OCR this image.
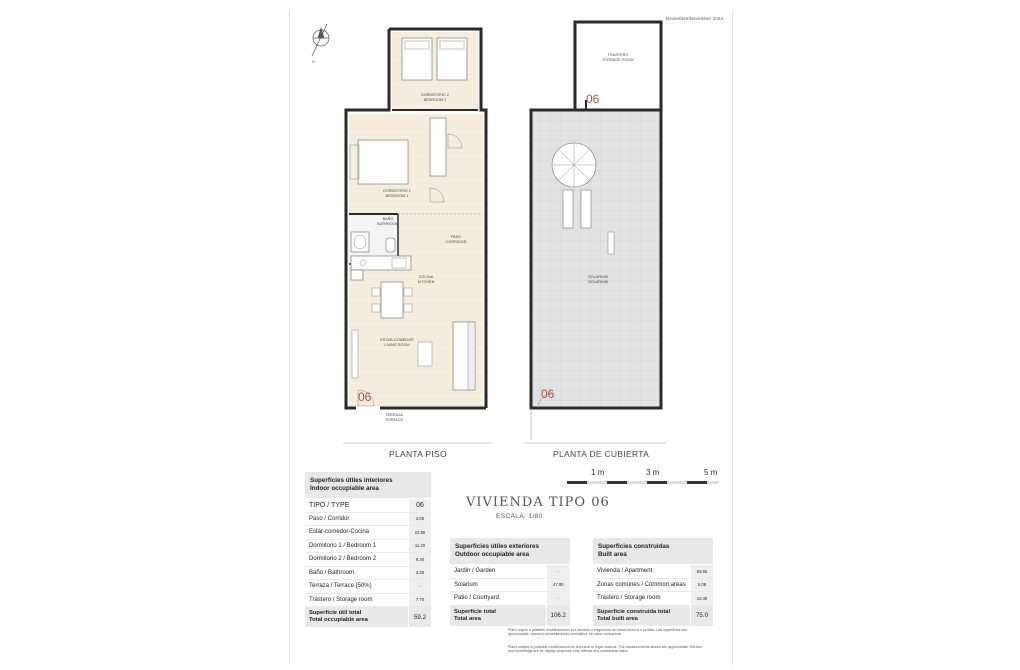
Noviembre/November 2024
PLANTA PISO	PLANTA DE CUBIERTA
N
DORMITORIO 2
BEDROOM 2
DORMITORIO 1
BEDROOM 1
BAÑO
BATHROOM
PASO
CORRIDOR
COCINA
KITCHEN
ESTAR-COMEDOR
LIVING ROOM
TERRAZA
TERRACE
TRASTERO
STORAGE ROOM
SOLARIUM
SOLARIUM
06
06
06
1 m	3 m	5 m
VIVIENDA TIPO 06
ESCALA: 1/80
Superficies útiles interiores
Indoor occupiable area	

TIPO / TYPE	06
Paso / Corridor	4.05
Estar-comedor-Cocina	22.90
Dormitorio 1 / Bedroom 1	11.20
Dormitorio 2 / Bedroom 2	9.30
Baño / Bathroom	4.30
Terraza / Terrace (50%)	-
Trastero / Storage room	7.70

Superficie útil total
Total occupiable area	59.2
Superficies útiles exteriores
Outdoor occupiable area	

Jardin / Garden	-
Solarium	47.00
Patio / Courtyard	-

Superficie total
Total area	106.2
Superficies construidas
Built area	

Vivienda / Apartment	59.55
Zonas comunes / Common areas	5.08
Trastero / Storage room	10.40

Superficie construida total
Total built area	75.0
Plano sujeto a posibles modificaciones por razones o exigencias de índole técnica o jurídica. Las superficies son aproximadas, cocina y amueblamiento orientativo, sin valor contractual.
Plans subject to possible modifications for technical or legal reasons. The measurements shown are approximate. Kitchen and furnishings are for display purposes only, without any contractual value.
